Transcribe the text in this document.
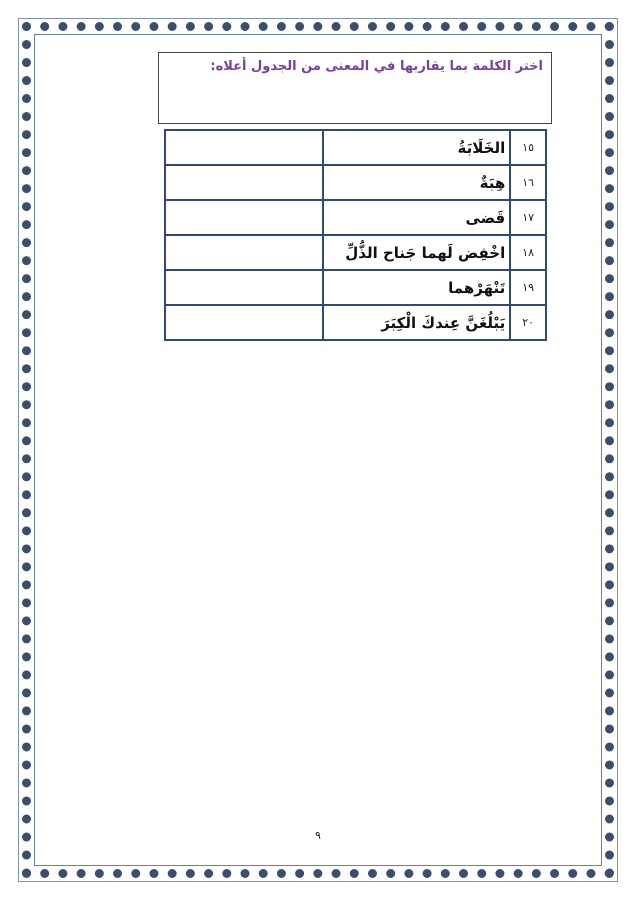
اختر الكلمة بما يقاربها في المعنى من الجدول أعلاه:
١٥	الخَلَابَةُ	
١٦	هِبَةٌ	
١٧	قَضى	
١٨	اخْفِض لَهما جَناح الذُّلِّ	
١٩	تَنْهَرْهما	
٢٠	يَبْلُغَنَّ عِندكَ الْكِبَرَ	
٩
